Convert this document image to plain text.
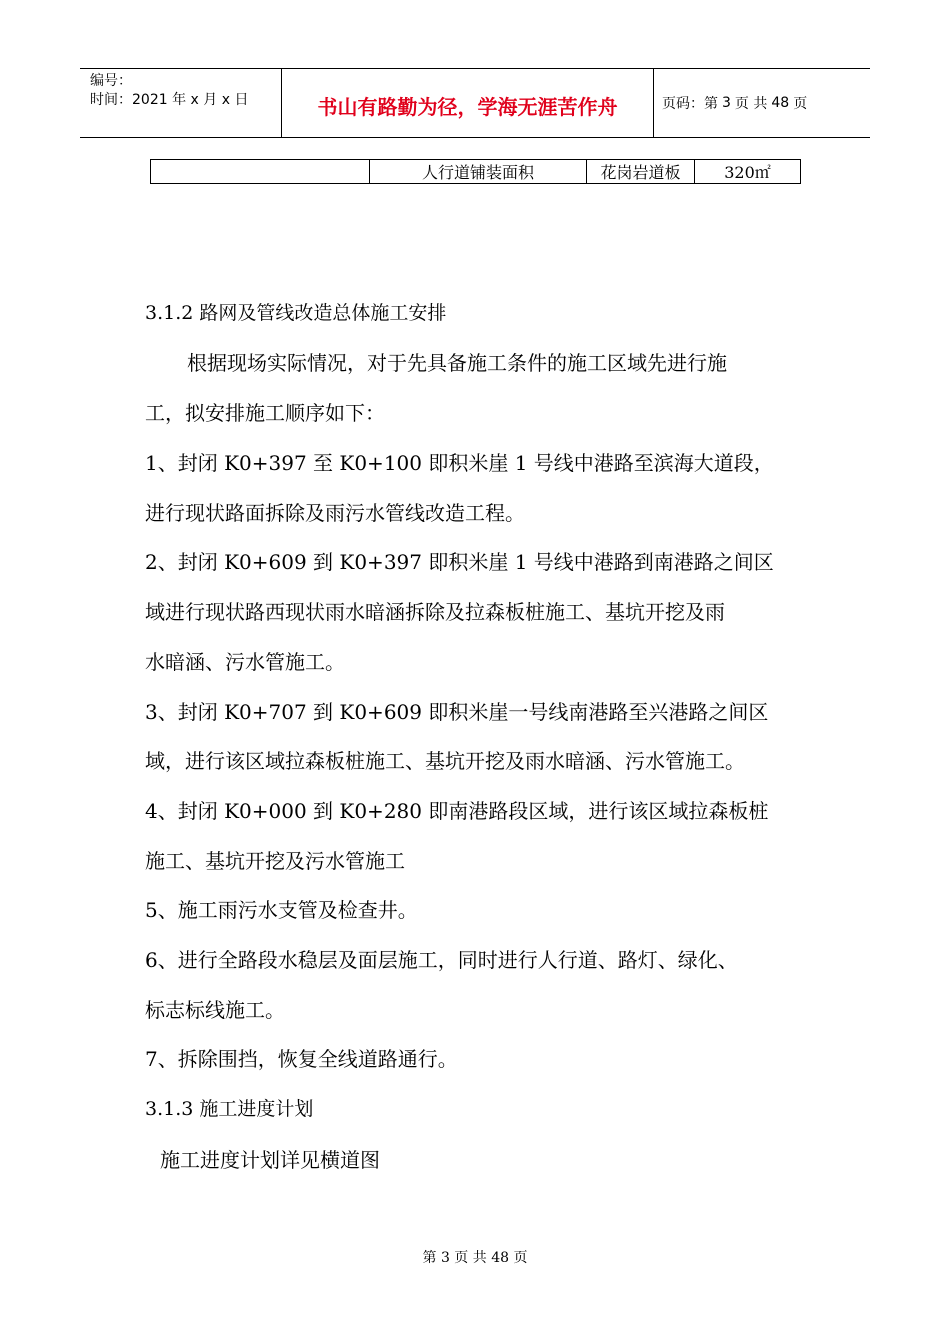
编号：
时间：2021 年 x 月 x 日	书山有路勤为径，学海无涯苦作舟	页码：第 3 页 共 48 页
	人行道铺装面积	花岗岩道板	320㎡
3.1.2 路网及管线改造总体施工安排
根据现场实际情况，对于先具备施工条件的施工区域先进行施
工，拟安排施工顺序如下：
1、封闭 K0+397 至 K0+100 即积米崖 1 号线中港路至滨海大道段，
进行现状路面拆除及雨污水管线改造工程。
2、封闭 K0+609 到 K0+397 即积米崖 1 号线中港路到南港路之间区
域进行现状路西现状雨水暗涵拆除及拉森板桩施工、基坑开挖及雨
水暗涵、污水管施工。
3、封闭 K0+707 到 K0+609 即积米崖一号线南港路至兴港路之间区
域，进行该区域拉森板桩施工、基坑开挖及雨水暗涵、污水管施工。
4、封闭 K0+000 到 K0+280 即南港路段区域，进行该区域拉森板桩
施工、基坑开挖及污水管施工
5、施工雨污水支管及检查井。
6、进行全路段水稳层及面层施工，同时进行人行道、路灯、绿化、
标志标线施工。
7、拆除围挡，恢复全线道路通行。
3.1.3 施工进度计划
施工进度计划详见横道图
第 3 页 共 48 页
